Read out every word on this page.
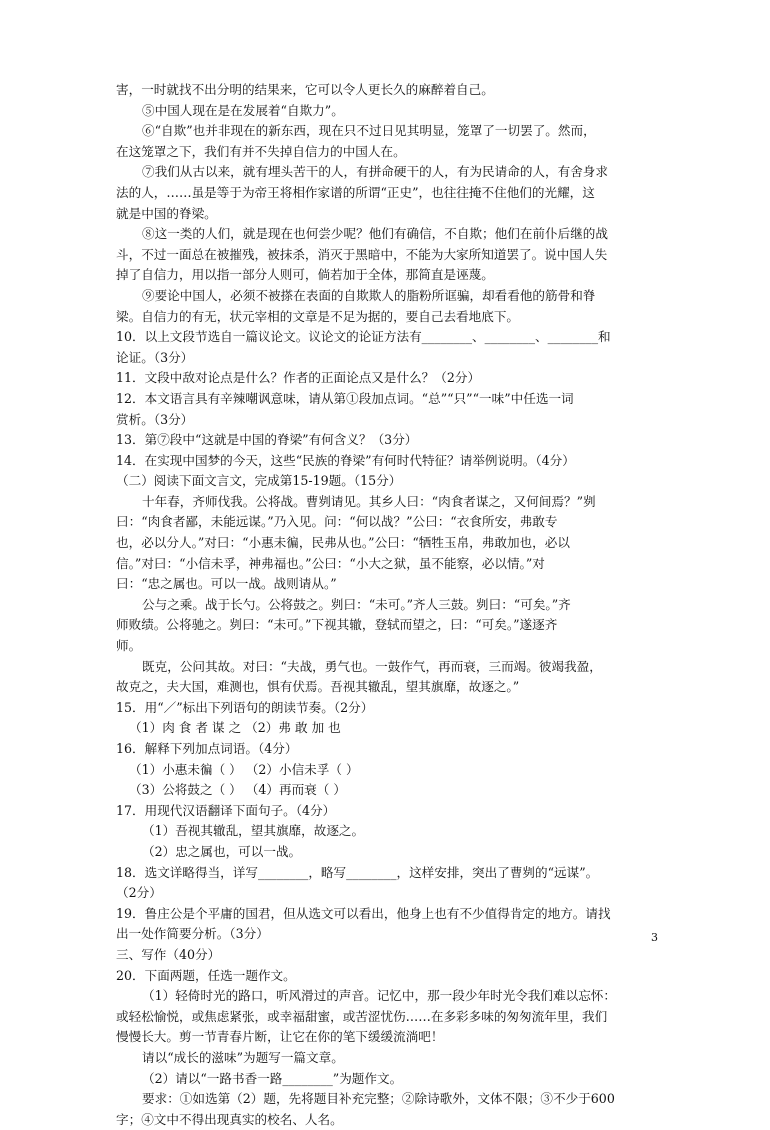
害，一时就找不出分明的结果来，它可以令人更长久的麻醉着自己。
⑤中国人现在是在发展着“自欺力”。
⑥“自欺”也并非现在的新东西，现在只不过日见其明显，笼罩了一切罢了。然而，
在这笼罩之下，我们有并不失掉自信力的中国人在。
⑦我们从古以来，就有埋头苦干的人，有拼命硬干的人，有为民请命的人，有舍身求
法的人，……虽是等于为帝王将相作家谱的所谓“正史”，也往往掩不住他们的光耀，这
就是中国的脊梁。
⑧这一类的人们，就是现在也何尝少呢？他们有确信，不自欺；他们在前仆后继的战
斗，不过一面总在被摧残，被抹杀，消灭于黑暗中，不能为大家所知道罢了。说中国人失
掉了自信力，用以指一部分人则可，倘若加于全体，那简直是诬蔑。
⑨要论中国人，必须不被搽在表面的自欺欺人的脂粉所诓骗，却看看他的筋骨和脊
梁。自信力的有无，状元宰相的文章是不足为据的，要自己去看地底下。
10．以上文段节选自一篇议论文。议论文的论证方法有________、________、________和
论证。（3分）
11．文段中敌对论点是什么？作者的正面论点又是什么？（2分）
12．本文语言具有辛辣嘲讽意味，请从第①段加点词。“总”“只”“一味”中任选一词
赏析。（3分）
13．第⑦段中“这就是中国的脊梁”有何含义？（3分）
14．在实现中国梦的今天，这些“民族的脊梁”有何时代特征？请举例说明。（4分）
（二）阅读下面文言文，完成第15-19题。（15分）
十年春，齐师伐我。公将战。曹刿请见。其乡人曰：“肉食者谋之，又何间焉？”刿
曰：“肉食者鄙，未能远谋。”乃入见。问：“何以战？”公曰：“衣食所安，弗敢专
也，必以分人。”对曰：“小惠未徧，民弗从也。”公曰：“牺牲玉帛，弗敢加也，必以
信。”对曰：“小信未孚，神弗福也。”公曰：“小大之狱，虽不能察，必以情。”对
曰：“忠之属也。可以一战。战则请从。”
公与之乘。战于长勺。公将鼓之。刿曰：“未可。”齐人三鼓。刿曰：“可矣。”齐
师败绩。公将驰之。刿曰：“未可。”下视其辙，登轼而望之，曰：“可矣。”遂逐齐
师。
既克，公问其故。对曰：“夫战，勇气也。一鼓作气，再而衰，三而竭。彼竭我盈，
故克之，夫大国，难测也，惧有伏焉。吾视其辙乱，望其旗靡，故逐之。”
15．用“／”标出下列语句的朗读节奏。（2分）
（1）肉 食 者 谋 之 （2）弗 敢 加 也
16．解释下列加点词语。（4分）
（1）小惠未徧（ ） （2）小信未孚（ ）
（3）公将鼓之（ ） （4）再而衰（ ）
17．用现代汉语翻译下面句子。（4分）
（1）吾视其辙乱，望其旗靡，故逐之。
（2）忠之属也，可以一战。
18．选文详略得当，详写________，略写________，这样安排，突出了曹刿的“远谋”。
（2分）
19．鲁庄公是个平庸的国君，但从选文可以看出，他身上也有不少值得肯定的地方。请找
出一处作简要分析。（3分）
三、写作（40分）
20．下面两题，任选一题作文。
（1）轻倚时光的路口，听风滑过的声音。记忆中，那一段少年时光令我们难以忘怀：
或轻松愉悦，或焦虑紧张，或幸福甜蜜，或苦涩忧伤……在多彩多味的匆匆流年里，我们
慢慢长大。剪一节青春片断，让它在你的笔下缓缓流淌吧！
请以“成长的滋味”为题写一篇文章。
（2）请以“一路书香一路________”为题作文。
要求：①如选第（2）题，先将题目补充完整；②除诗歌外，文体不限；③不少于600
字；④文中不得出现真实的校名、人名。
3
